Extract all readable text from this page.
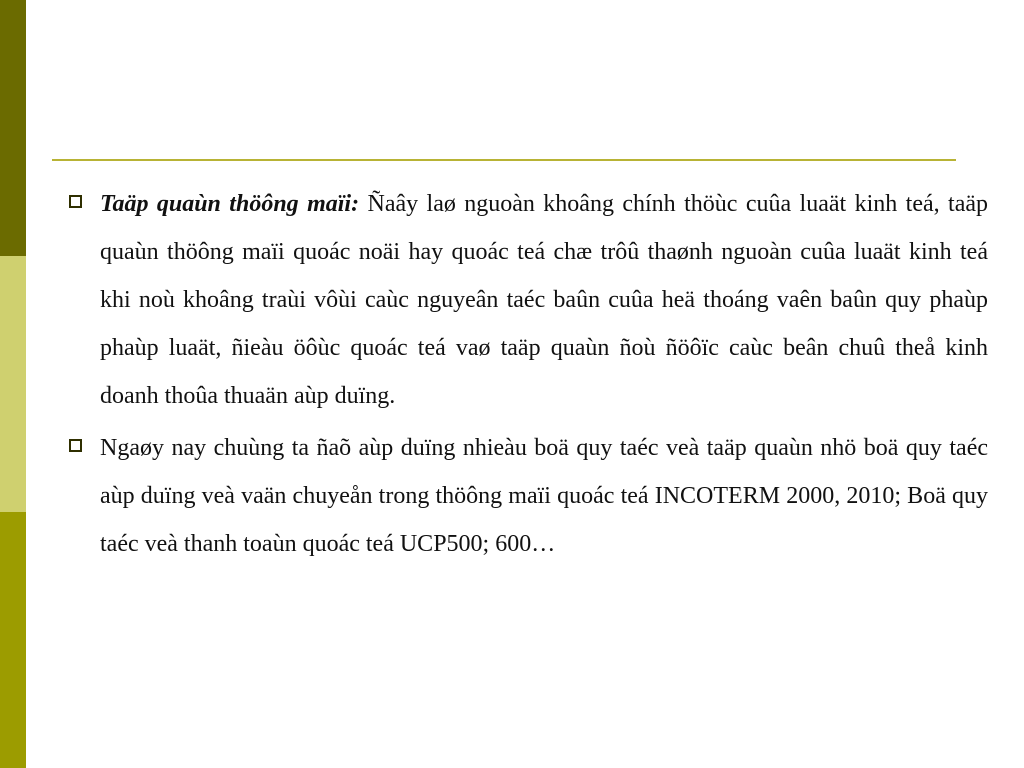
Taäp quaùn thöông maïi: Ñaây laø nguoàn khoâng chính thöùc cuûa luaät kinh teá, taäp quaùn thöông maïi quoác noäi hay quoác teá chæ trôû thaønh nguoàn cuûa luaät kinh teá khi noù khoâng traùi vôùi caùc nguyeân taéc baûn cuûa heä thoáng vaên baûn quy phaùp phaùp luaät, ñieàu öôùc quoác teá vaø taäp quaùn ñoù ñöôïc caùc beân chuû theå kinh doanh thoûa thuaän aùp duïng.
Ngaøy nay chuùng ta ñaõ aùp duïng nhieàu boä quy taéc veà taäp quaùn nhö boä quy taéc aùp duïng veà vaän chuyeån trong thöông maïi quoác teá INCOTERM 2000, 2010; Boä quy taéc veà thanh toaùn quoác teá UCP500; 600…
